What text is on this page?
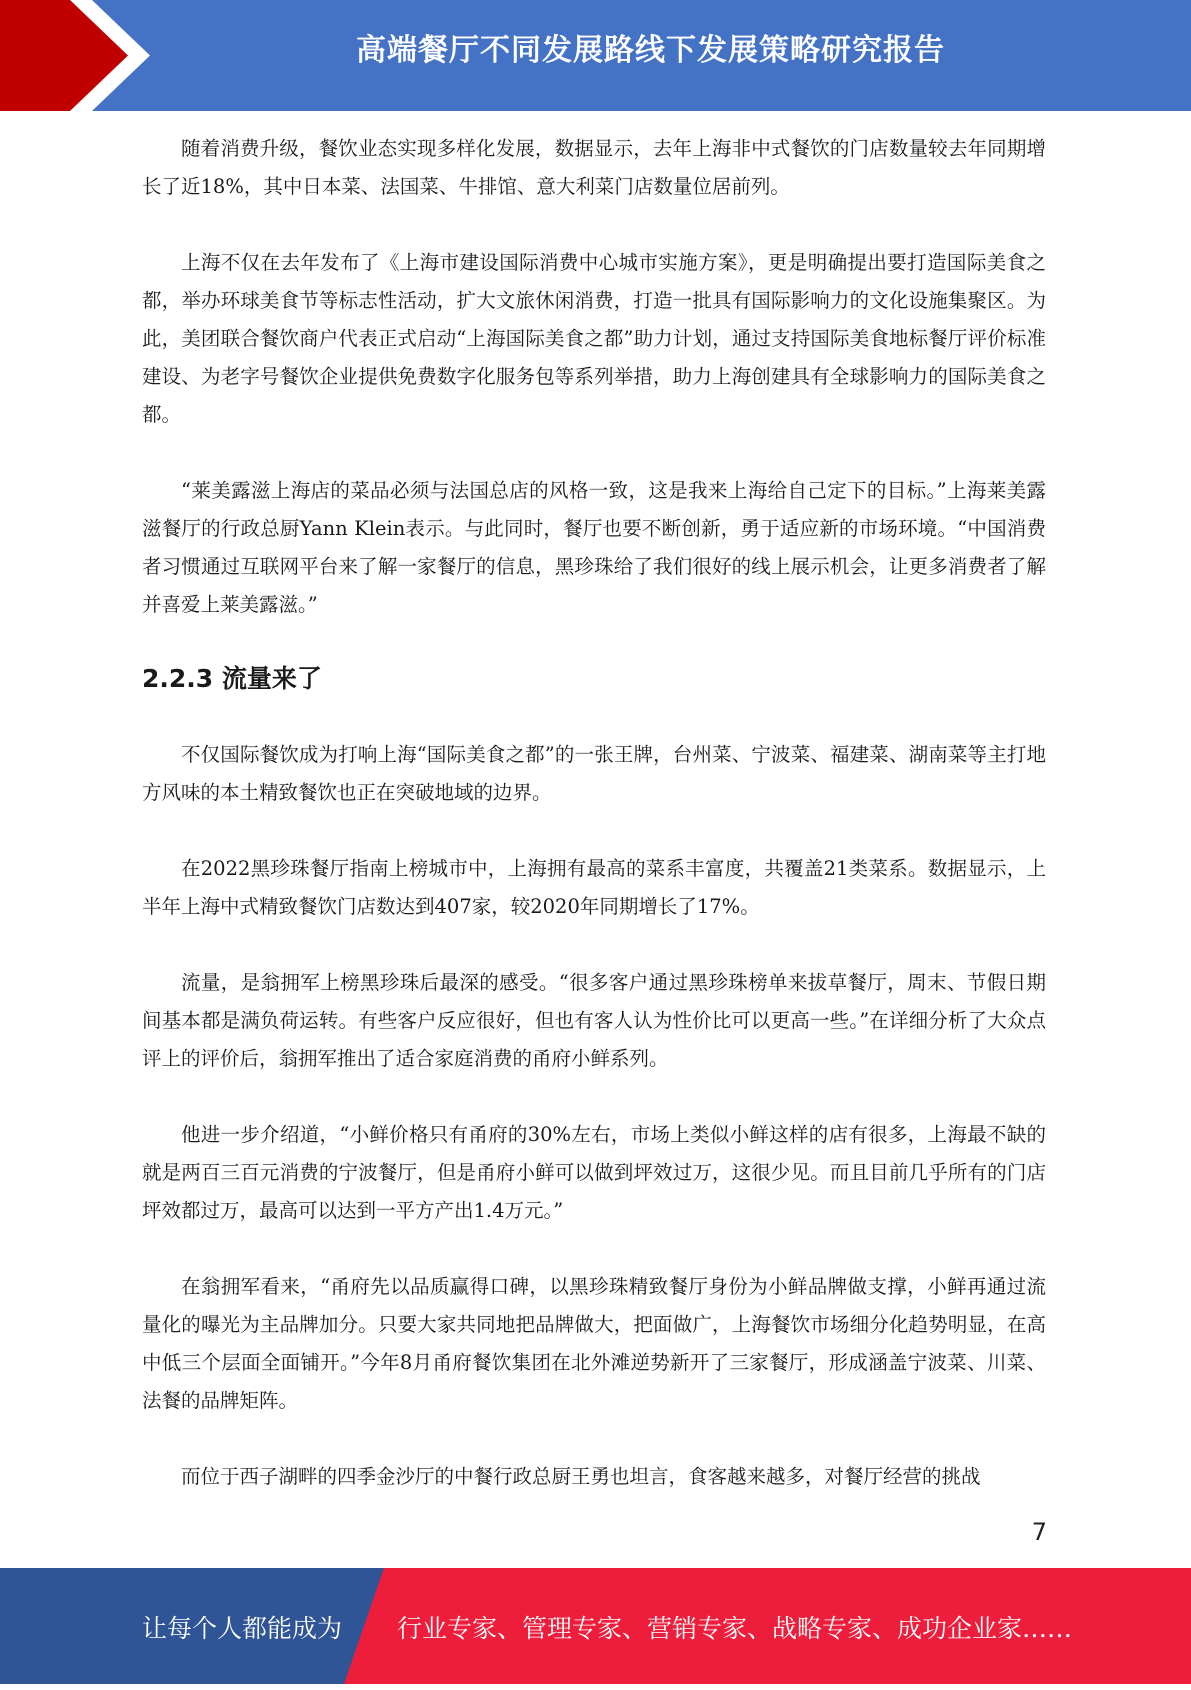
高端餐厅不同发展路线下发展策略研究报告

随着消费升级，餐饮业态实现多样化发展，数据显示，去年上海非中式餐饮的门店数量较去年同期增长了近18%，其中日本菜、法国菜、牛排馆、意大利菜门店数量位居前列。

上海不仅在去年发布了《上海市建设国际消费中心城市实施方案》，更是明确提出要打造国际美食之都，举办环球美食节等标志性活动，扩大文旅休闲消费，打造一批具有国际影响力的文化设施集聚区。为此，美团联合餐饮商户代表正式启动“上海国际美食之都”助力计划，通过支持国际美食地标餐厅评价标准建设、为老字号餐饮企业提供免费数字化服务包等系列举措，助力上海创建具有全球影响力的国际美食之都。

“莱美露滋上海店的菜品必须与法国总店的风格一致，这是我来上海给自己定下的目标。”上海莱美露滋餐厅的行政总厨Yann Klein表示。与此同时，餐厅也要不断创新，勇于适应新的市场环境。“中国消费者习惯通过互联网平台来了解一家餐厅的信息，黑珍珠给了我们很好的线上展示机会，让更多消费者了解并喜爱上莱美露滋。”

2.2.3 流量来了

不仅国际餐饮成为打响上海“国际美食之都”的一张王牌，台州菜、宁波菜、福建菜、湖南菜等主打地方风味的本土精致餐饮也正在突破地域的边界。

在2022黑珍珠餐厅指南上榜城市中，上海拥有最高的菜系丰富度，共覆盖21类菜系。数据显示，上半年上海中式精致餐饮门店数达到407家，较2020年同期增长了17%。

流量，是翁拥军上榜黑珍珠后最深的感受。“很多客户通过黑珍珠榜单来拔草餐厅，周末、节假日期间基本都是满负荷运转。有些客户反应很好，但也有客人认为性价比可以更高一些。”在详细分析了大众点评上的评价后，翁拥军推出了适合家庭消费的甬府小鲜系列。

他进一步介绍道，“小鲜价格只有甬府的30%左右，市场上类似小鲜这样的店有很多，上海最不缺的就是两百三百元消费的宁波餐厅，但是甬府小鲜可以做到坪效过万，这很少见。而且目前几乎所有的门店坪效都过万，最高可以达到一平方产出1.4万元。”

在翁拥军看来，“甬府先以品质赢得口碑，以黑珍珠精致餐厅身份为小鲜品牌做支撑，小鲜再通过流量化的曝光为主品牌加分。只要大家共同地把品牌做大，把面做广，上海餐饮市场细分化趋势明显，在高中低三个层面全面铺开。”今年8月甬府餐饮集团在北外滩逆势新开了三家餐厅，形成涵盖宁波菜、川菜、法餐的品牌矩阵。

而位于西子湖畔的四季金沙厅的中餐行政总厨王勇也坦言，食客越来越多，对餐厅经营的挑战

7
让每个人都能成为 行业专家、管理专家、营销专家、战略专家、成功企业家……
